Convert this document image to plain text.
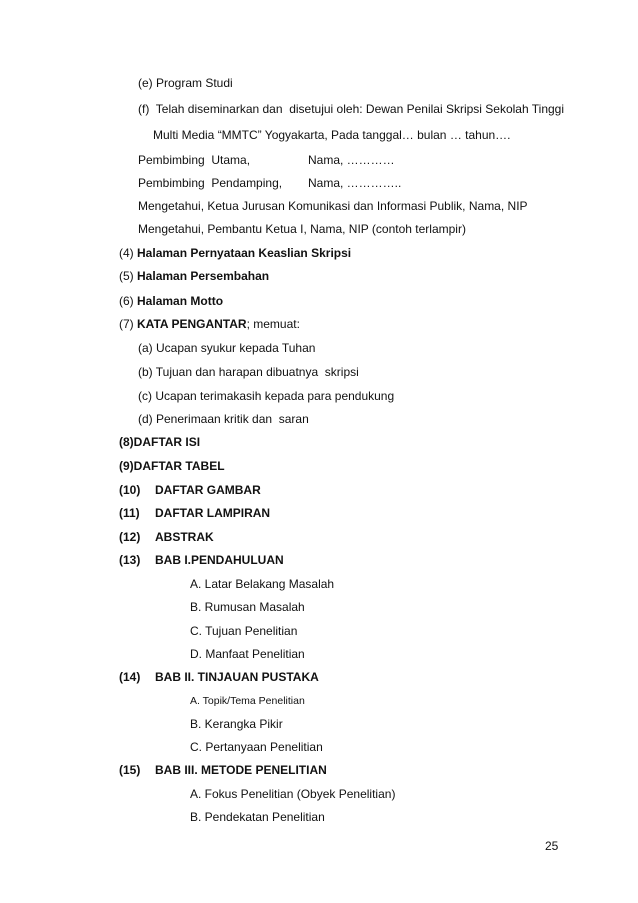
(e) Program Studi
(f)  Telah diseminarkan dan  disetujui oleh: Dewan Penilai Skripsi Sekolah Tinggi
Multi Media “MMTC” Yogyakarta, Pada tanggal… bulan … tahun….
Pembimbing  Utama,	Nama, …………
Pembimbing  Pendamping, Nama, …………..
Mengetahui, Ketua Jurusan Komunikasi dan Informasi Publik, Nama, NIP
Mengetahui, Pembantu Ketua I, Nama, NIP (contoh terlampir)
(4) Halaman Pernyataan Keaslian Skripsi
(5) Halaman Persembahan
(6) Halaman Motto
(7) KATA PENGANTAR; memuat:
(a) Ucapan syukur kepada Tuhan
(b) Tujuan dan harapan dibuatnya  skripsi
(c) Ucapan terimakasih kepada para pendukung
(d) Penerimaan kritik dan  saran
(8)DAFTAR ISI
(9)DAFTAR TABEL
(10) DAFTAR GAMBAR
(11) DAFTAR LAMPIRAN
(12) ABSTRAK
(13) BAB I.PENDAHULUAN
A. Latar Belakang Masalah
B. Rumusan Masalah
C. Tujuan Penelitian
D. Manfaat Penelitian
(14) BAB II. TINJAUAN PUSTAKA
A. Topik/Tema Penelitian
B. Kerangka Pikir
C. Pertanyaan Penelitian
(15) BAB III. METODE PENELITIAN
A. Fokus Penelitian (Obyek Penelitian)
B. Pendekatan Penelitian
25
